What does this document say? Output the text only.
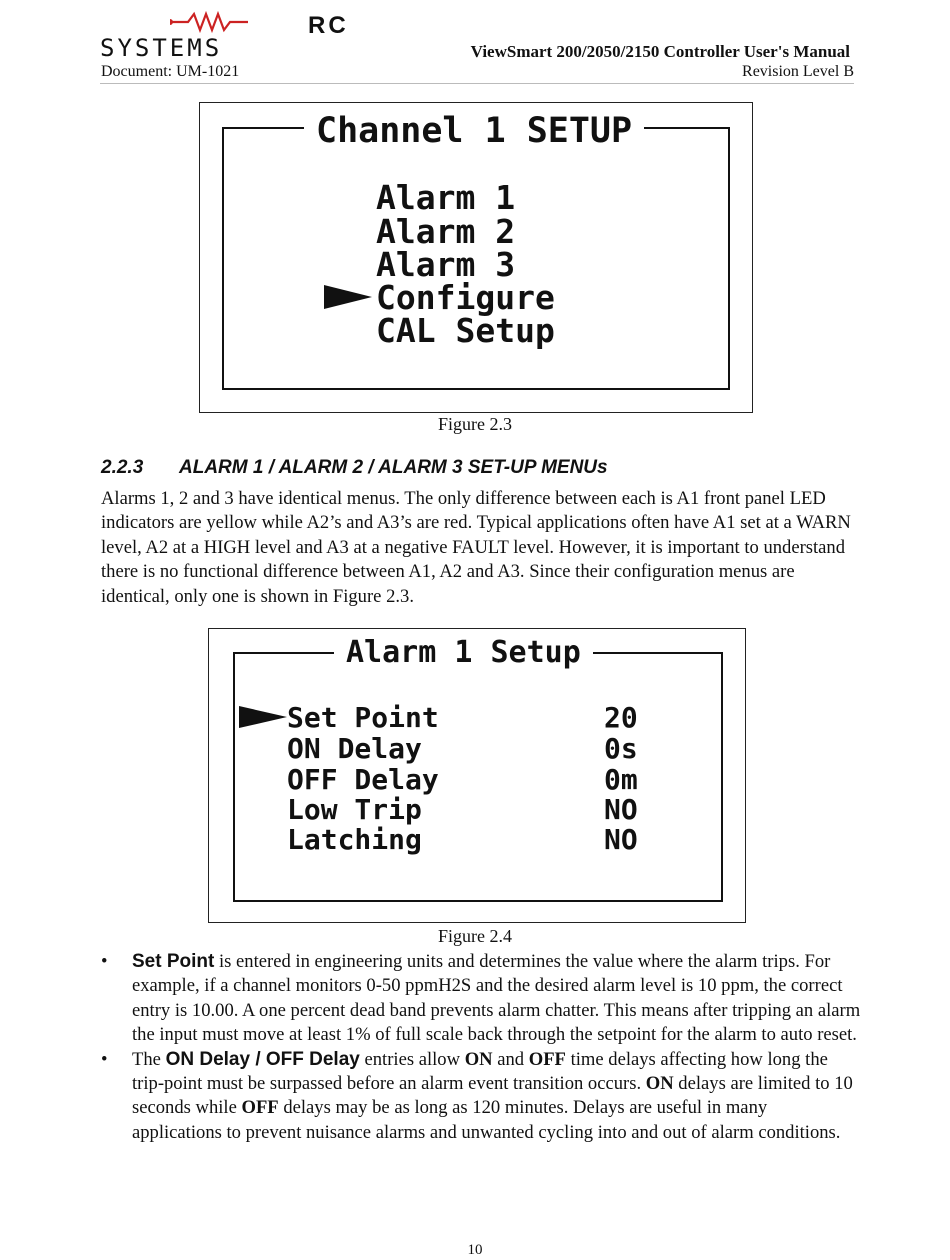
RC
SYSTEMS	ViewSmart 200/2050/2150 Controller User's Manual
Document: UM-1021	Revision Level B
Channel 1 SETUP
Alarm 1
Alarm 2
Alarm 3
Configure
CAL Setup
Figure 2.3
2.2.3 ALARM 1 / ALARM 2 / ALARM 3 SET-UP MENUs
Alarms 1, 2 and 3 have identical menus. The only difference between each is A1 front panel LED indicators are yellow while A2’s and A3’s are red. Typical applications often have A1 set at a WARN level, A2 at a HIGH level and A3 at a negative FAULT level. However, it is important to understand there is no functional difference between A1, A2 and A3. Since their configuration menus are identical, only one is shown in Figure 2.3.
Alarm 1 Setup
Set Point	20
ON Delay	0s
OFF Delay	0m
Low Trip	NO
Latching	NO
Figure 2.4
• Set Point is entered in engineering units and determines the value where the alarm trips. For example, if a channel monitors 0-50 ppmH2S and the desired alarm level is 10 ppm, the correct entry is 10.00. A one percent dead band prevents alarm chatter. This means after tripping an alarm the input must move at least 1% of full scale back through the setpoint for the alarm to auto reset.
• The ON Delay / OFF Delay entries allow ON and OFF time delays affecting how long the trip-point must be surpassed before an alarm event transition occurs. ON delays are limited to 10 seconds while OFF delays may be as long as 120 minutes. Delays are useful in many applications to prevent nuisance alarms and unwanted cycling into and out of alarm conditions.
10
